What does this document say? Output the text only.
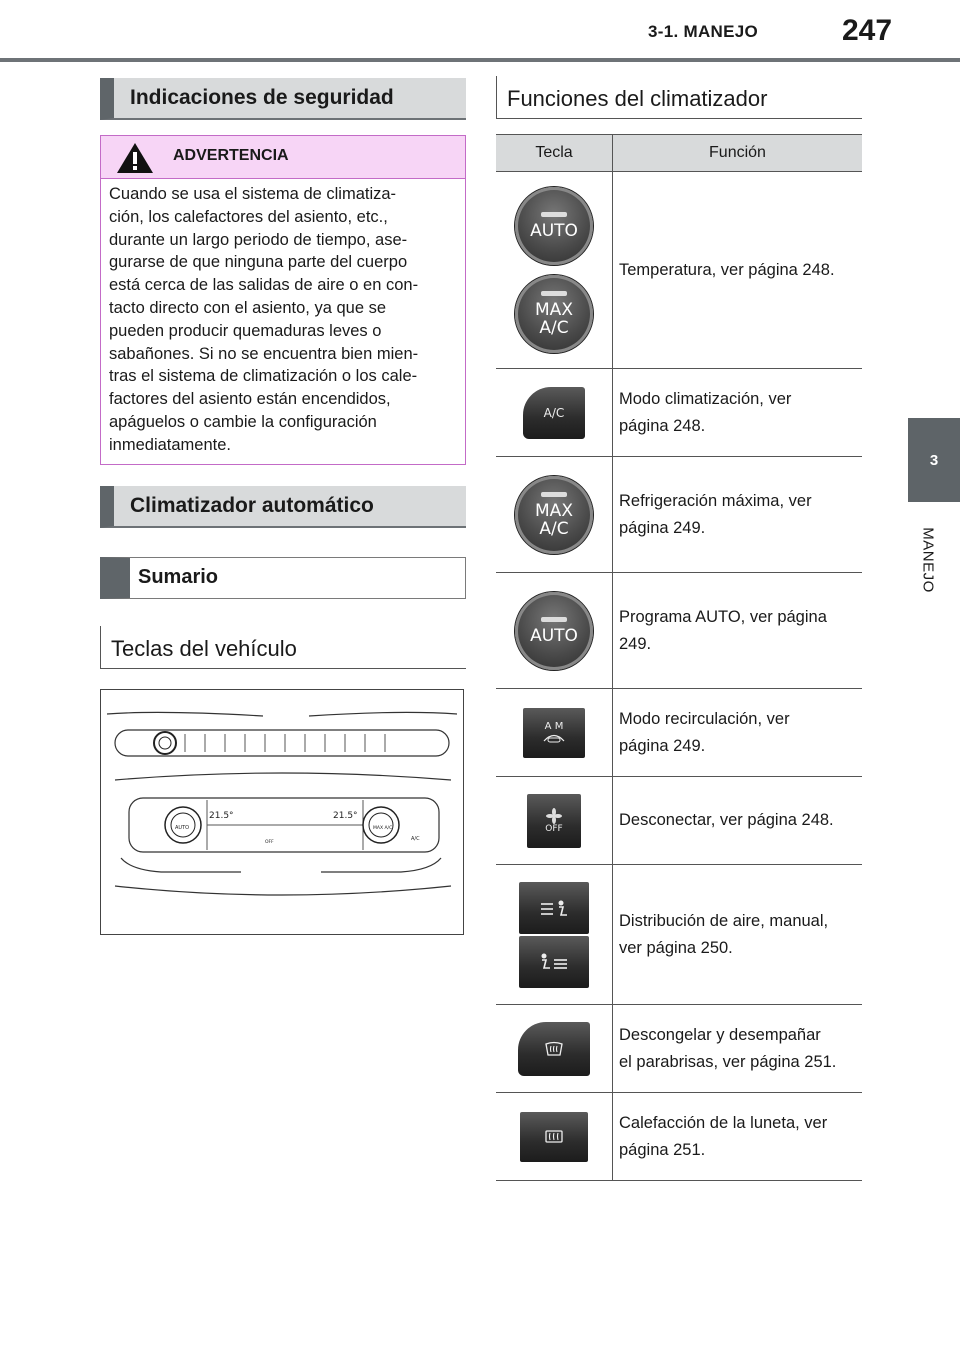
3-1. MANEJO	247
3
MANEJO
Indicaciones de seguridad
ADVERTENCIA
Cuando se usa el sistema de climatiza-
ción, los calefactores del asiento, etc.,
durante un largo periodo de tiempo, ase-
gurarse de que ninguna parte del cuerpo
está cerca de las salidas de aire o en con-
tacto directo con el asiento, ya que se
pueden producir quemaduras leves o
sabañones. Si no se encuentra bien mien-
tras el sistema de climatización o los cale-
factores del asiento están encendidos,
apáguelos o cambie la configuración
inmediatamente.
Climatizador automático
Sumario
Teclas del vehículo
21.5°	21.5°
AUTO	MAX A/C
A/C
OFF
Funciones del climatizador
Tecla	Función
AUTO
MAX A/C
Temperatura, ver página 248.
A/C
Modo climatización, ver
página 248.
MAX A/C
Refrigeración máxima, ver
página 249.
AUTO
Programa AUTO, ver página
249.
A M	Modo recirculación, ver
página 249.
OFF	Desconectar, ver página 248.
Distribución de aire, manual,
ver página 250.
Descongelar y desempañar
el parabrisas, ver página 251.
Calefacción de la luneta, ver
página 251.
